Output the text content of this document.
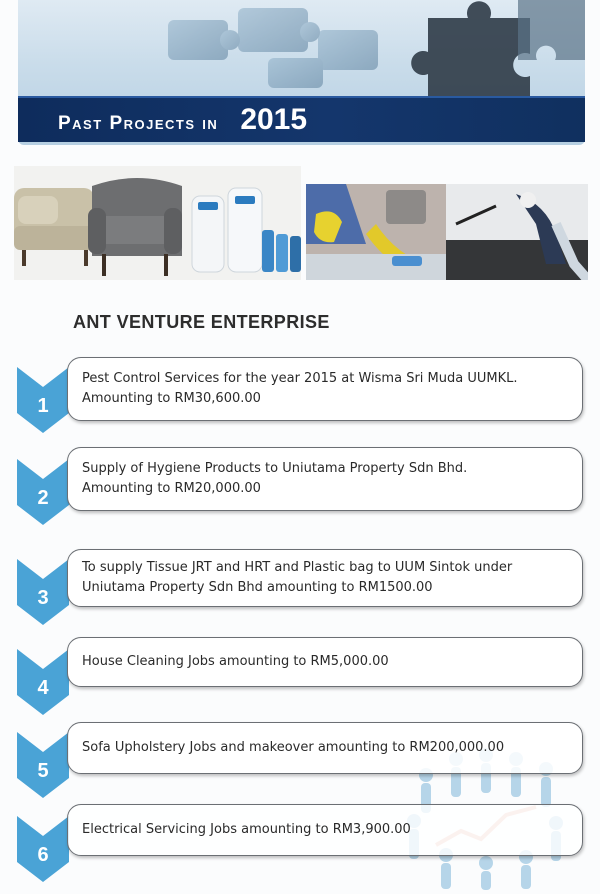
Past Projects in 2015
ANT VENTURE ENTERPRISE
1
Pest Control Services for the year 2015 at Wisma Sri Muda UUMKL.
Amounting to RM30,600.00
2
Supply of Hygiene Products to Uniutama Property Sdn Bhd.
Amounting to RM20,000.00
3
To supply Tissue JRT and HRT and Plastic bag to UUM Sintok under
Uniutama Property Sdn Bhd amounting to RM1500.00
4
House Cleaning Jobs amounting to RM5,000.00
5
Sofa Upholstery Jobs and makeover amounting to RM200,000.00
6
Electrical Servicing Jobs amounting to RM3,900.00
